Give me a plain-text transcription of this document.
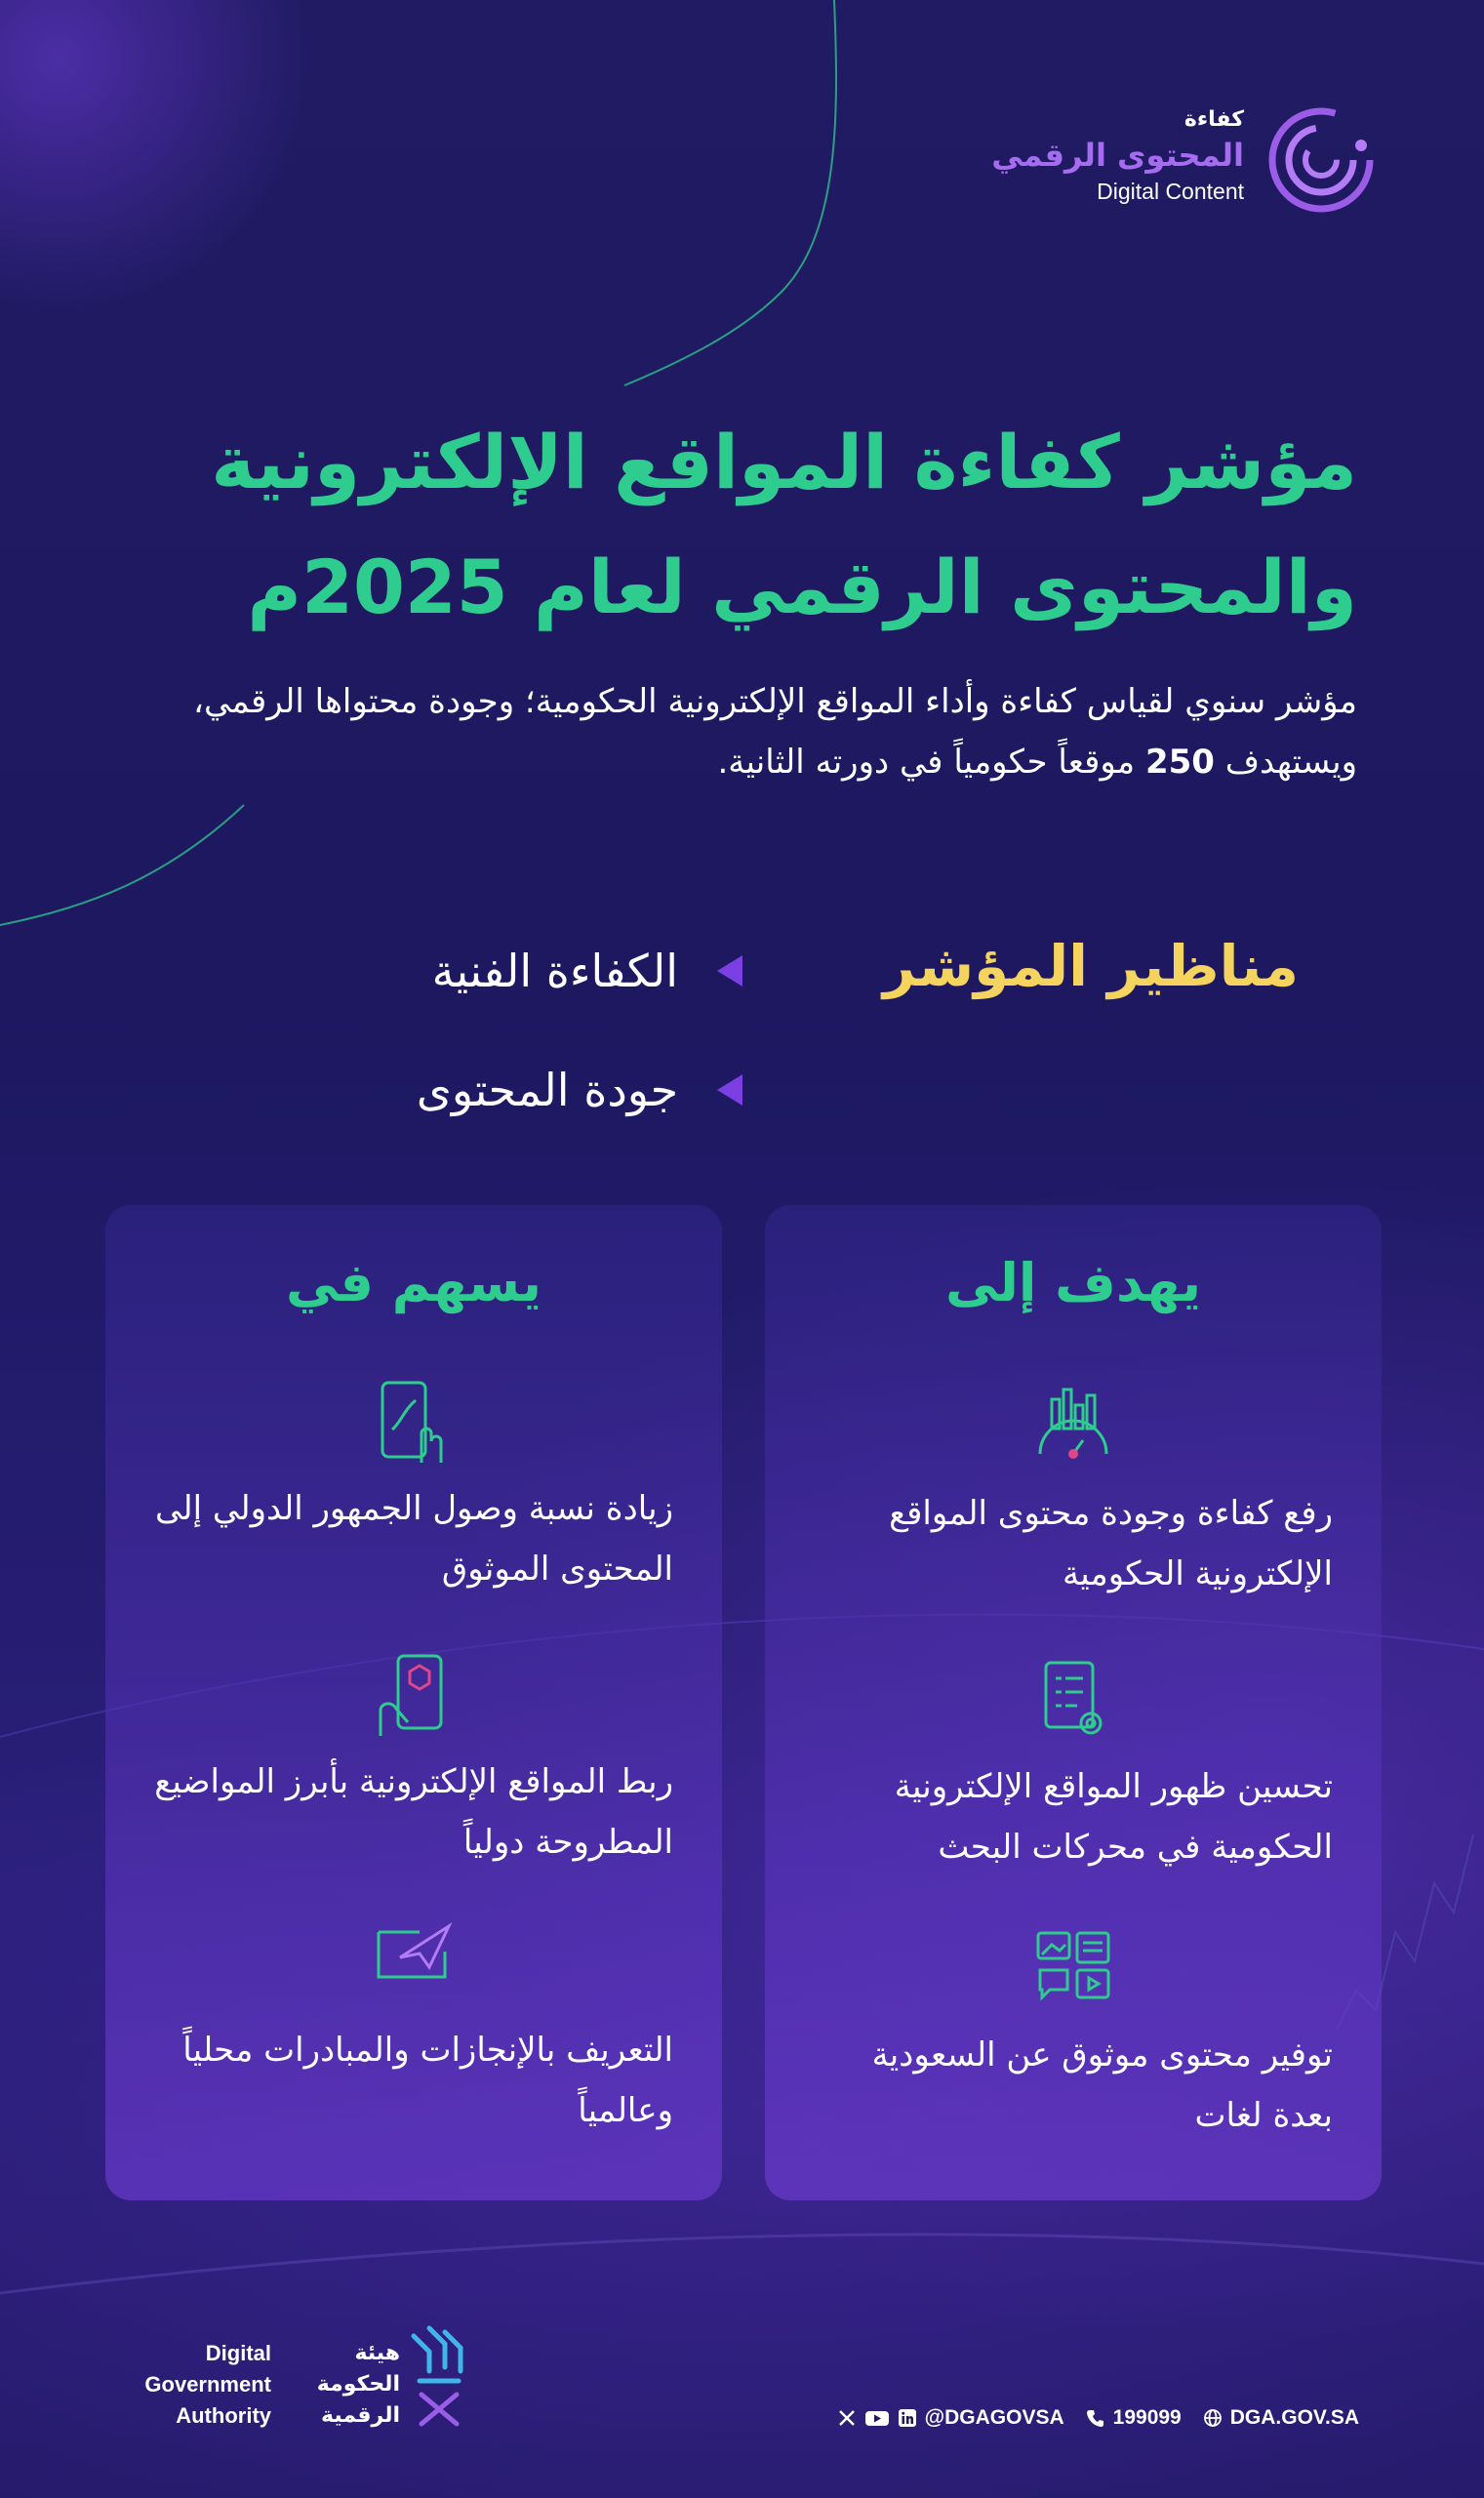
كفاءة
المحتوى الرقمي
Digital Content
مؤشر كفاءة المواقع الإلكترونية
والمحتوى الرقمي لعام 2025م
مؤشر سنوي لقياس كفاءة وأداء المواقع الإلكترونية الحكومية؛ وجودة محتواها الرقمي، ويستهدف 250 موقعاً حكومياً في دورته الثانية.
مناظير المؤشر
الكفاءة الفنية
جودة المحتوى
يهدف إلى
رفع كفاءة وجودة محتوى المواقع الإلكترونية الحكومية
تحسين ظهور المواقع الإلكترونية الحكومية في محركات البحث
توفير محتوى موثوق عن السعودية بعدة لغات
يسهم في
زيادة نسبة وصول الجمهور الدولي إلى المحتوى الموثوق
ربط المواقع الإلكترونية بأبرز المواضيع المطروحة دولياً
التعريف بالإنجازات والمبادرات محلياً وعالمياً
Digital
Government
Authority
هيئة
الحكومة
الرقمية	@DGAGOVSA 199099 DGA.GOV.SA
